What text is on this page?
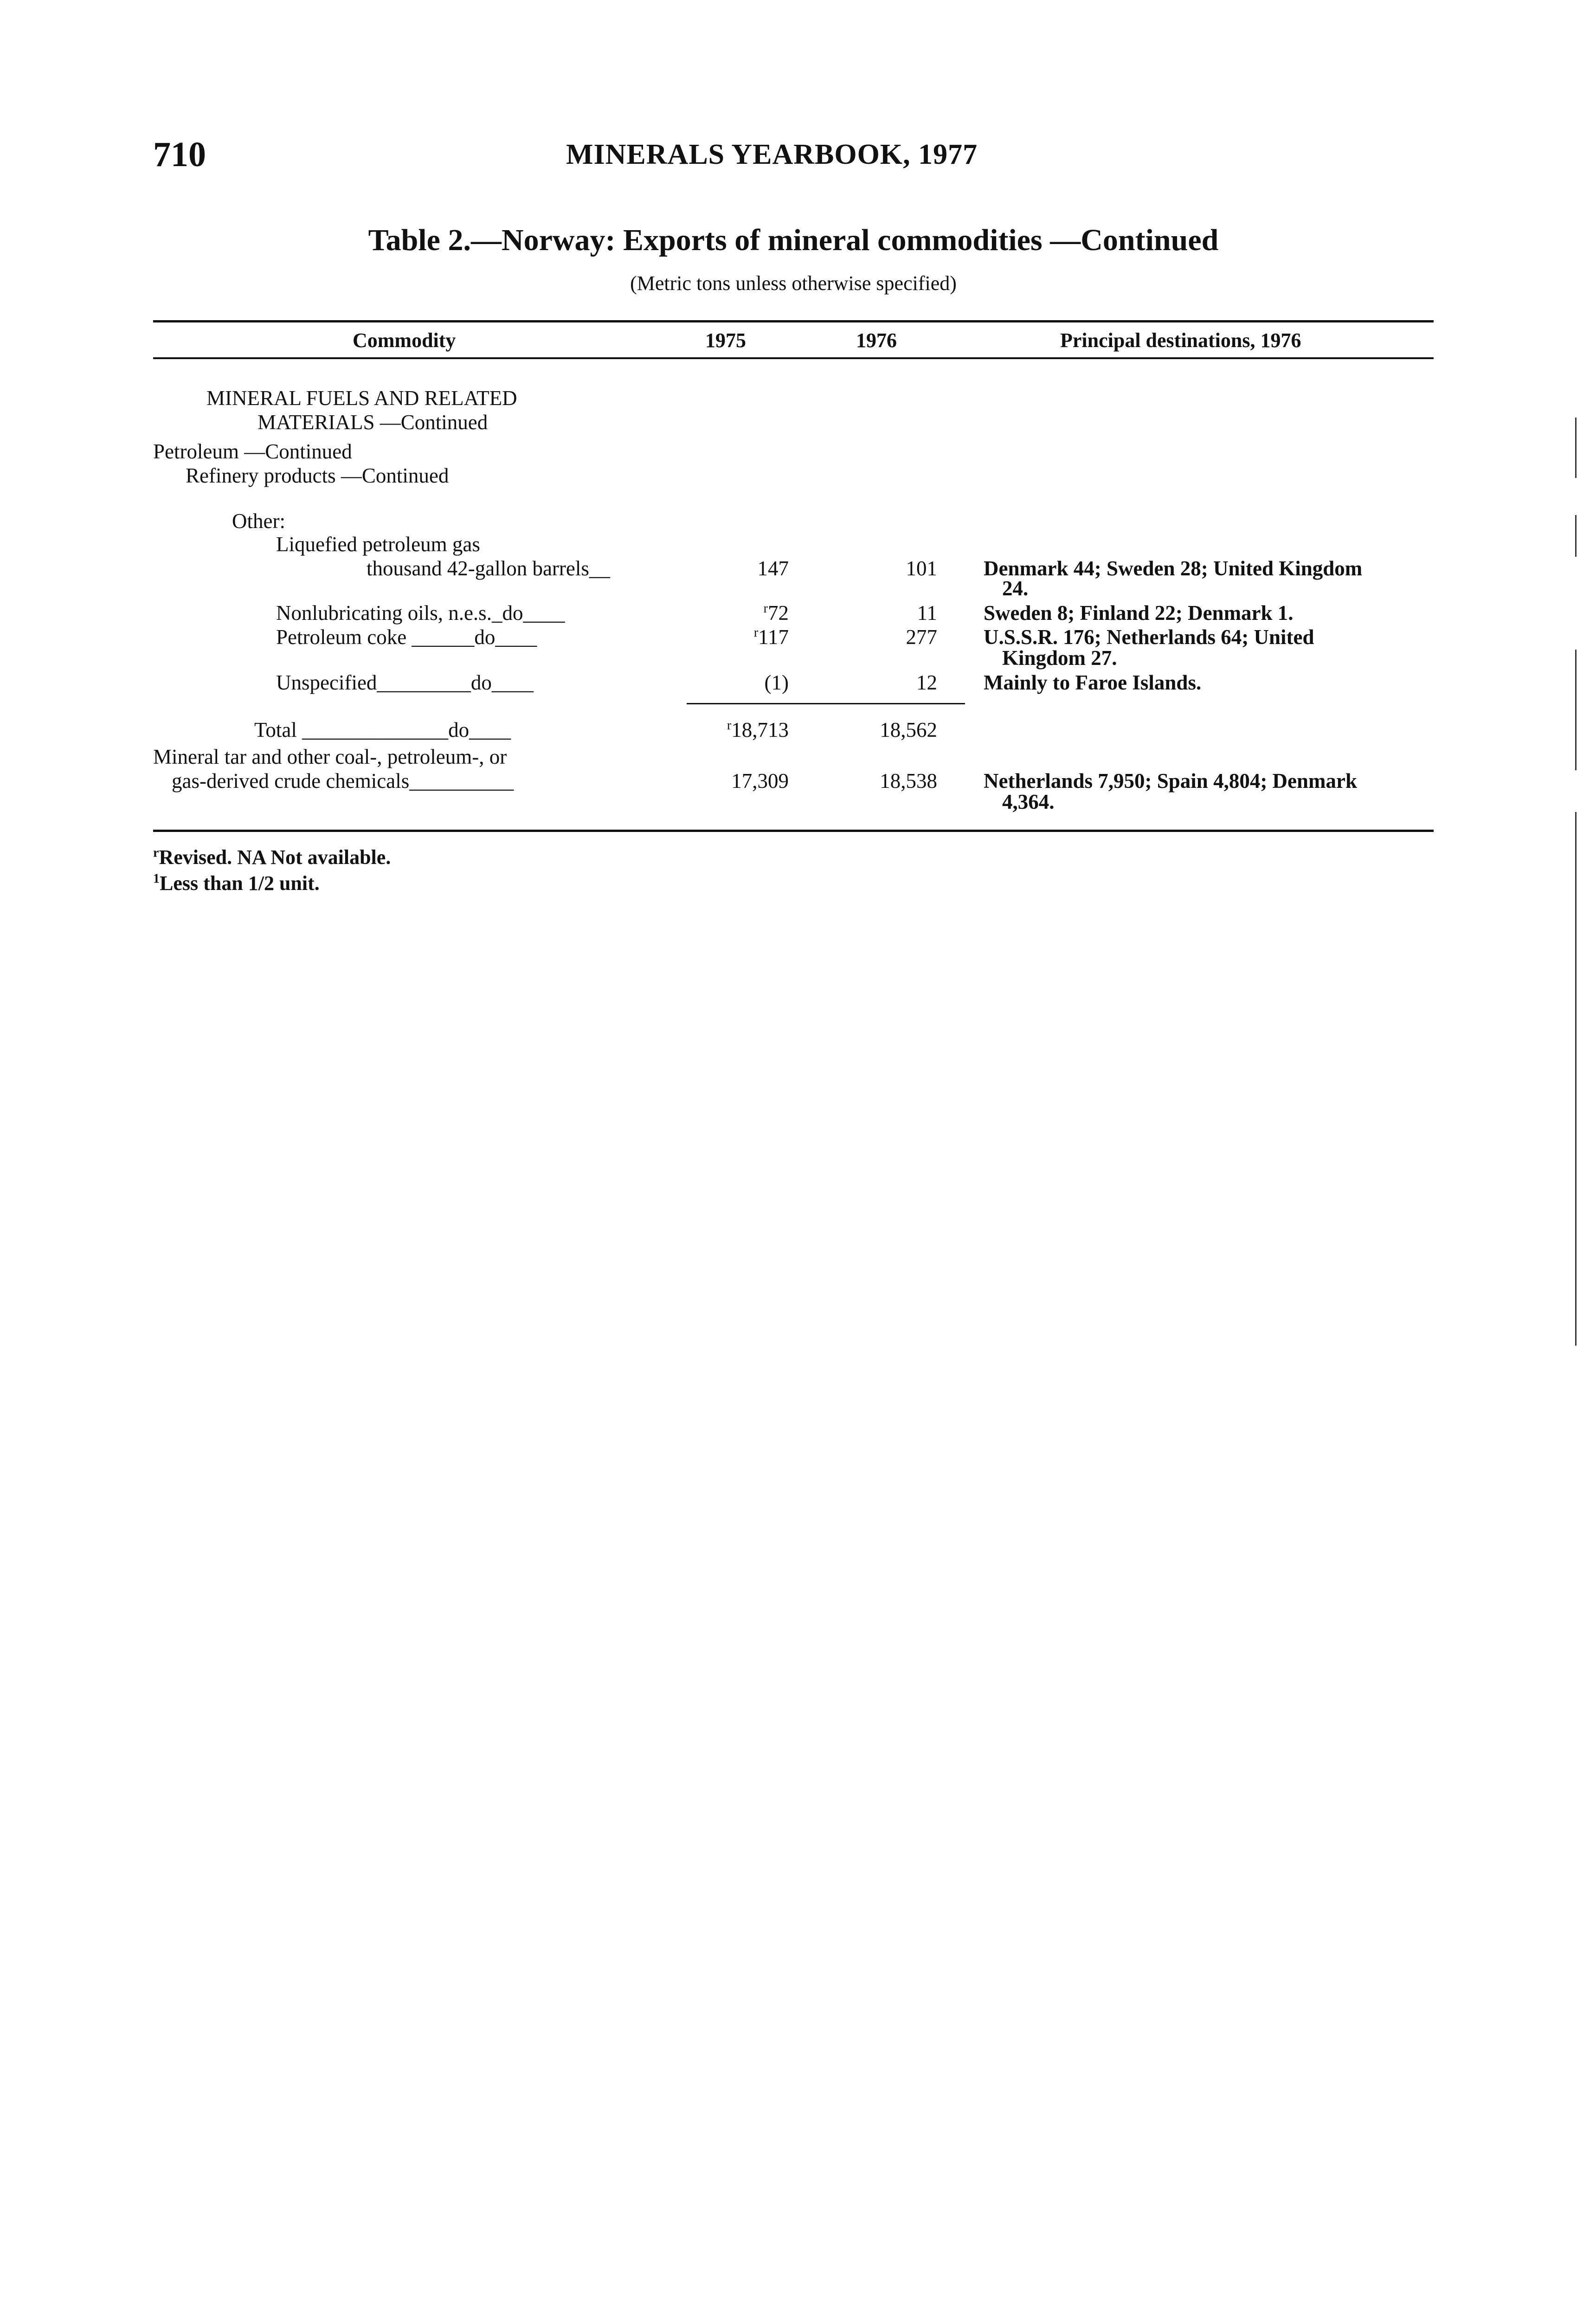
710	MINERALS YEARBOOK, 1977
Table 2.—Norway: Exports of mineral commodities —Continued
(Metric tons unless otherwise specified)
Commodity	1975	1976	Principal destinations, 1976
MINERAL FUELS AND RELATED
MATERIALS —Continued
Petroleum —Continued
Refinery products —Continued
Other:
Liquefied petroleum gas
thousand 42-gallon barrels__	147	101 Denmark 44; Sweden 28; United Kingdom
24.
Nonlubricating oils, n.e.s._do____	$^r$72	11 Sweden 8; Finland 22; Denmark 1.
Petroleum coke ______do____	$^r$117	277 U.S.S.R. 176; Netherlands 64; United
Kingdom 27.
Unspecified_________do____	(1)	12 Mainly to Faroe Islands.
Total ______________do____	$^r$18,713	18,562
Mineral tar and other coal-, petroleum-, or
gas-derived crude chemicals__________	17,309	18,538 Netherlands 7,950; Spain 4,804; Denmark
4,364.
$^r$Revised. NA Not available.
$^1$Less than 1/2 unit.
